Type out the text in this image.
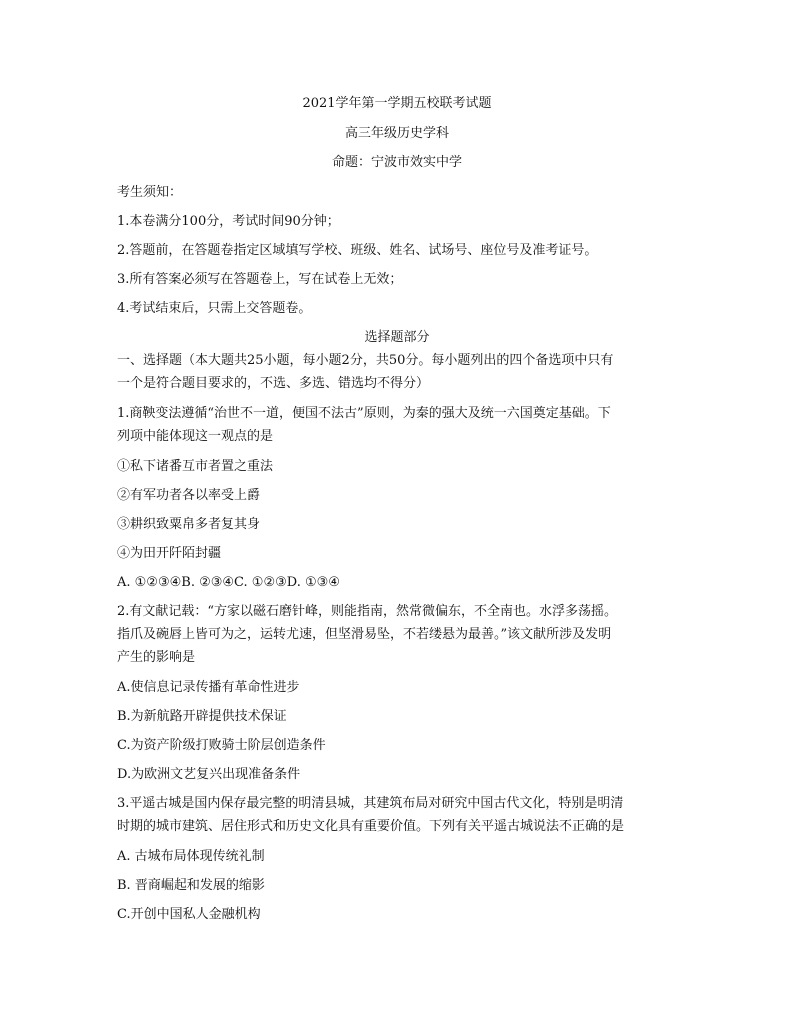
2021学年第一学期五校联考试题
高三年级历史学科
命题：宁波市效实中学
考生须知：
1.本卷满分100分，考试时间90分钟；
2.答题前，在答题卷指定区域填写学校、班级、姓名、试场号、座位号及准考证号。
3.所有答案必须写在答题卷上，写在试卷上无效；
4.考试结束后，只需上交答题卷。
选择题部分
一、选择题（本大题共25小题，每小题2分，共50分。每小题列出的四个备选项中只有
一个是符合题目要求的，不选、多选、错选均不得分）
1.商鞅变法遵循“治世不一道，便国不法古”原则，为秦的强大及统一六国奠定基础。下
列项中能体现这一观点的是
①私下诸番互市者置之重法
②有军功者各以率受上爵
③耕织致粟帛多者复其身
④为田开阡陌封疆
A. ①②③④B. ②③④C. ①②③D. ①③④
2.有文献记载：“方家以磁石磨针峰，则能指南，然常微偏东，不全南也。水浮多荡摇。
指爪及碗唇上皆可为之，运转尤速，但坚滑易坠，不若缕悬为最善。”该文献所涉及发明
产生的影响是
A.使信息记录传播有革命性进步
B.为新航路开辟提供技术保证
C.为资产阶级打败骑士阶层创造条件
D.为欧洲文艺复兴出现准备条件
3.平遥古城是国内保存最完整的明清县城，其建筑布局对研究中国古代文化，特别是明清
时期的城市建筑、居住形式和历史文化具有重要价值。下列有关平遥古城说法不正确的是
A. 古城布局体现传统礼制
B. 晋商崛起和发展的缩影
C.开创中国私人金融机构
